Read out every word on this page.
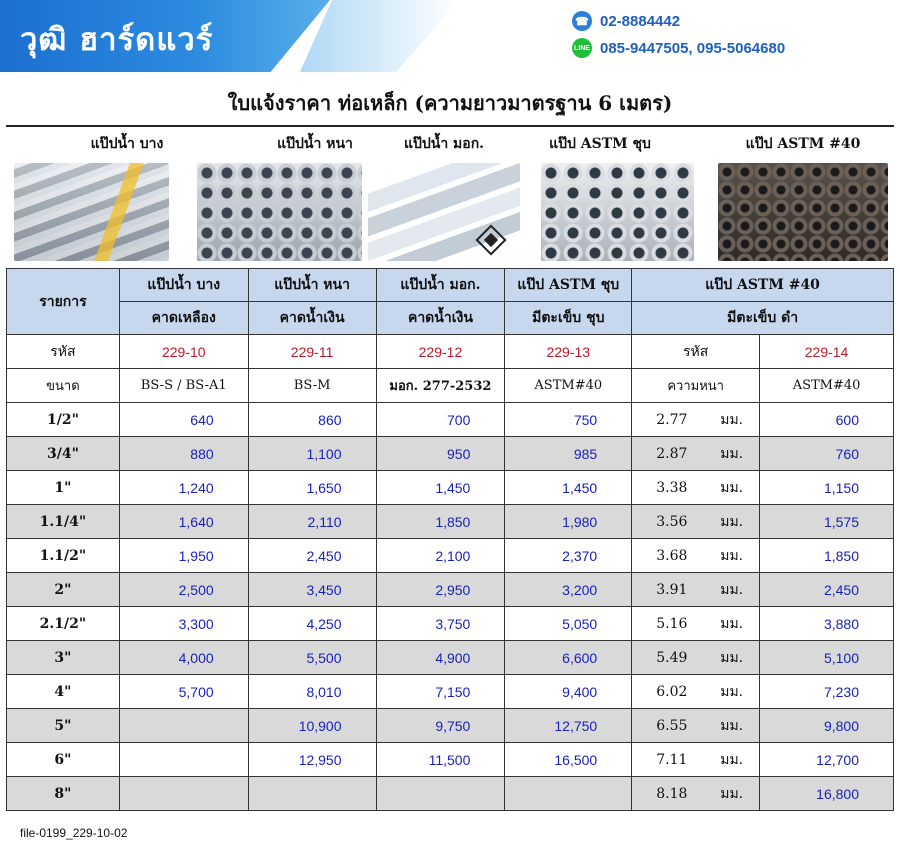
วุฒิ ฮาร์ดแวร์
☎ 02-8884442
LINE 085-9447505, 095-5064680
ใบแจ้งราคา ท่อเหล็ก (ความยาวมาตรฐาน 6 เมตร)
แป๊ปน้ำ บาง	แป๊ปน้ำ หนา	แป๊ปน้ำ มอก.	แป๊ป ASTM ชุบ	แป๊ป ASTM #40
รายการ	แป๊ปน้ำ บาง	แป๊ปน้ำ หนา	แป๊ปน้ำ มอก.	แป๊ป ASTM ชุบ	แป๊ป ASTM #40	
	คาดเหลือง	คาดน้ำเงิน	คาดน้ำเงิน	มีตะเข็บ ชุบ	มีตะเข็บ ดำ	
รหัส	229-10	229-11	229-12	229-13	รหัส	229-14
ขนาด	BS-S / BS-A1	BS-M	มอก. 277-2532	ASTM#40	ความหนา	ASTM#40
1/2"	640	860	700	750	2.77 มม.	600
3/4"	880	1,100	950	985	2.87 มม.	760
1"	1,240	1,650	1,450	1,450	3.38 มม.	1,150
1.1/4"	1,640	2,110	1,850	1,980	3.56 มม.	1,575
1.1/2"	1,950	2,450	2,100	2,370	3.68 มม.	1,850
2"	2,500	3,450	2,950	3,200	3.91 มม.	2,450
2.1/2"	3,300	4,250	3,750	5,050	5.16 มม.	3,880
3"	4,000	5,500	4,900	6,600	5.49 มม.	5,100
4"	5,700	8,010	7,150	9,400	6.02 มม.	7,230
5"		10,900	9,750	12,750	6.55 มม.	9,800
6"		12,950	11,500	16,500	7.11 มม.	12,700
8"					8.18 มม.	16,800
file-0199_229-10-02
